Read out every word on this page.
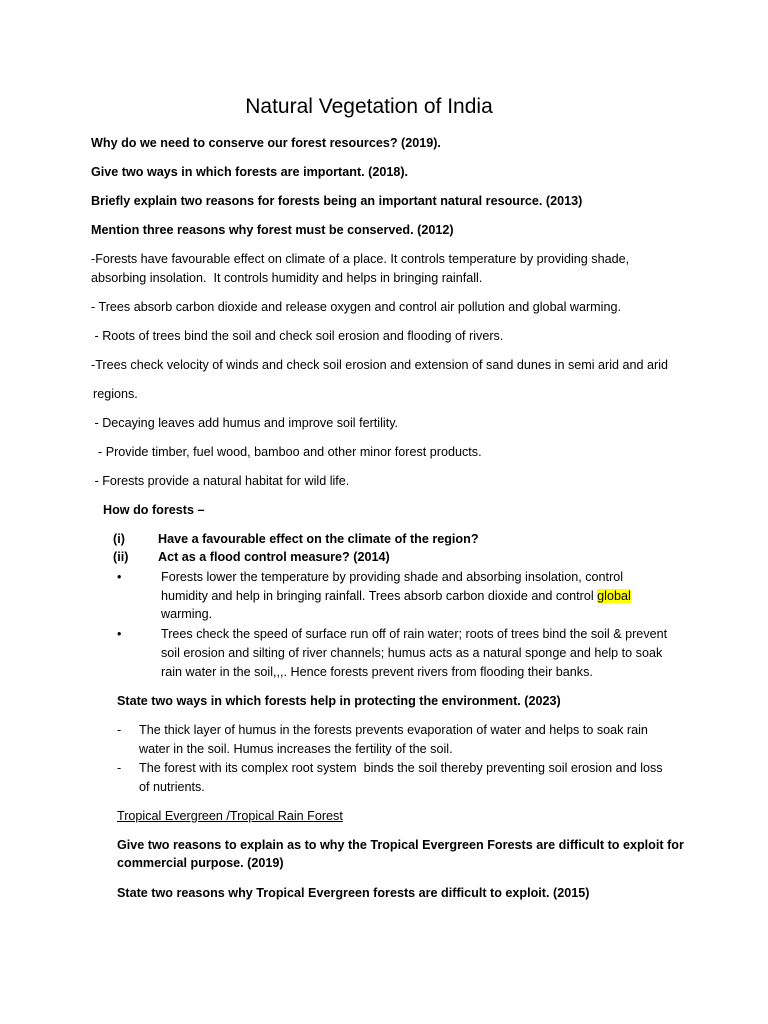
Natural Vegetation of India

Why do we need to conserve our forest resources? (2019).

Give two ways in which forests are important. (2018).

Briefly explain two reasons for forests being an important natural resource. (2013)

Mention three reasons why forest must be conserved. (2012)

-Forests have favourable effect on climate of a place. It controls temperature by providing shade,

absorbing insolation.  It controls humidity and helps in bringing rainfall.

- Trees absorb carbon dioxide and release oxygen and control air pollution and global warming.

- Roots of trees bind the soil and check soil erosion and flooding of rivers.

-Trees check velocity of winds and check soil erosion and extension of sand dunes in semi arid and arid

regions.

- Decaying leaves add humus and improve soil fertility.

- Provide timber, fuel wood, bamboo and other minor forest products.

- Forests provide a natural habitat for wild life.

How do forests –

(i)	Have a favourable effect on the climate of the region?
(ii) Act as a flood control measure? (2014)
•	Forests lower the temperature by providing shade and absorbing insolation, control

humidity and help in bringing rainfall. Trees absorb carbon dioxide and control global

warming.

•	Trees check the speed of surface run off of rain water; roots of trees bind the soil & prevent

soil erosion and silting of river channels; humus acts as a natural sponge and help to soak

rain water in the soil,,,. Hence forests prevent rivers from flooding their banks.

State two ways in which forests help in protecting the environment. (2023)

- The thick layer of humus in the forests prevents evaporation of water and helps to soak rain

water in the soil. Humus increases the fertility of the soil.

- The forest with its complex root system  binds the soil thereby preventing soil erosion and loss

of nutrients.

Tropical Evergreen /Tropical Rain Forest

Give two reasons to explain as to why the Tropical Evergreen Forests are difficult to exploit for

commercial purpose. (2019)

State two reasons why Tropical Evergreen forests are difficult to exploit. (2015)
